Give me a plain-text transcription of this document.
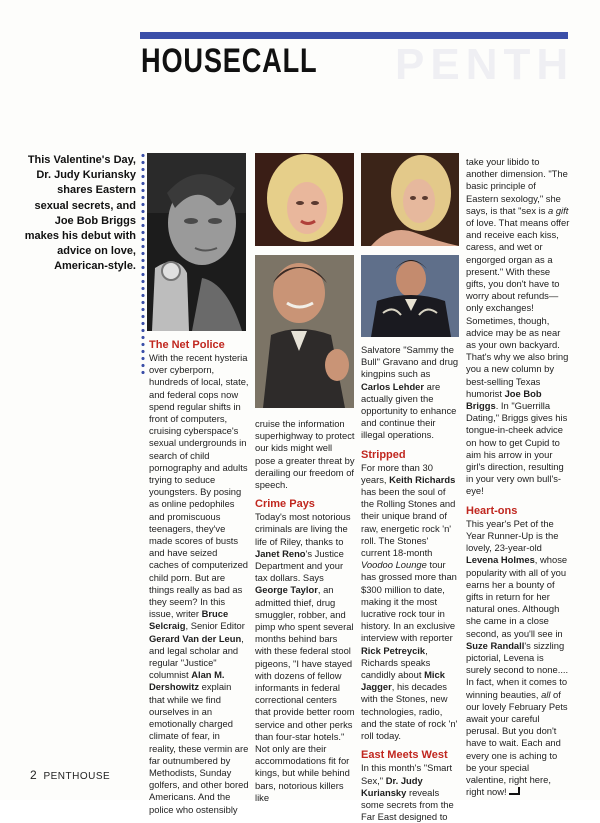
PENTH
HOUSECALL
This Valentine's Day, Dr. Judy Kuriansky shares Eastern sexual secrets, and Joe Bob Briggs makes his debut with advice on love, American-style.

The Net Police

With the recent hysteria over cyberporn, hundreds of local, state, and federal cops now spend regular shifts in front of computers, cruising cyberspace's sexual undergrounds in search of child pornography and adults trying to seduce youngsters. By posing as online pedophiles and promiscuous teenagers, they've made scores of busts and have seized caches of computerized child porn. But are things really as bad as they seem? In this issue, writer Bruce Selcraig, Senior Editor Gerard Van der Leun, and legal scholar and regular "Justice" columnist Alan M. Dershowitz explain that while we find ourselves in an emotionally charged climate of fear, in reality, these vermin are far outnumbered by Methodists, Sunday golfers, and other bored Americans. And the police who ostensibly

cruise the information superhighway to protect our kids might well pose a greater threat by derailing our freedom of speech.

Crime Pays

Today's most notorious criminals are living the life of Riley, thanks to Janet Reno's Justice Department and your tax dollars. Says George Taylor, an admitted thief, drug smuggler, robber, and pimp who spent several months behind bars with these federal stool pigeons, "I have stayed with dozens of fellow informants in federal correctional centers that provide better room service and other perks than four-star hotels." Not only are their accommodations fit for kings, but while behind bars, notorious killers like

Salvatore "Sammy the Bull" Gravano and drug kingpins such as Carlos Lehder are actually given the opportunity to enhance and continue their illegal operations.

Stripped

For more than 30 years, Keith Richards has been the soul of the Rolling Stones and their unique brand of raw, energetic rock 'n' roll. The Stones' current 18-month Voodoo Lounge tour has grossed more than $300 million to date, making it the most lucrative rock tour in history. In an exclusive interview with reporter Rick Petreycik, Richards speaks candidly about Mick Jagger, his decades with the Stones, new technologies, radio, and the state of rock 'n' roll today.

East Meets West

In this month's "Smart Sex," Dr. Judy Kuriansky reveals some secrets from the Far East designed to

take your libido to another dimension. "The basic principle of Eastern sexology," she says, is that "sex is a gift of love. That means offer and receive each kiss, caress, and wet or engorged organ as a present." With these gifts, you don't have to worry about refunds—only exchanges! Sometimes, though, advice may be as near as your own backyard. That's why we also bring you a new column by best-selling Texas humorist Joe Bob Briggs. In "Guerrilla Dating," Briggs gives his tongue-in-cheek advice on how to get Cupid to aim his arrow in your girl's direction, resulting in your very own bull's-eye!

Heart-ons

This year's Pet of the Year Runner-Up is the lovely, 23-year-old Levena Holmes, whose popularity with all of you earns her a bounty of gifts in return for her natural ones. Although she came in a close second, as you'll see in Suze Randall's sizzling pictorial, Levena is surely second to none.... In fact, when it comes to winning beauties, all of our lovely February Pets await your careful perusal. But you don't have to wait. Each and every one is aching to be your special valentine, right here, right now!

2 PENTHOUSE
